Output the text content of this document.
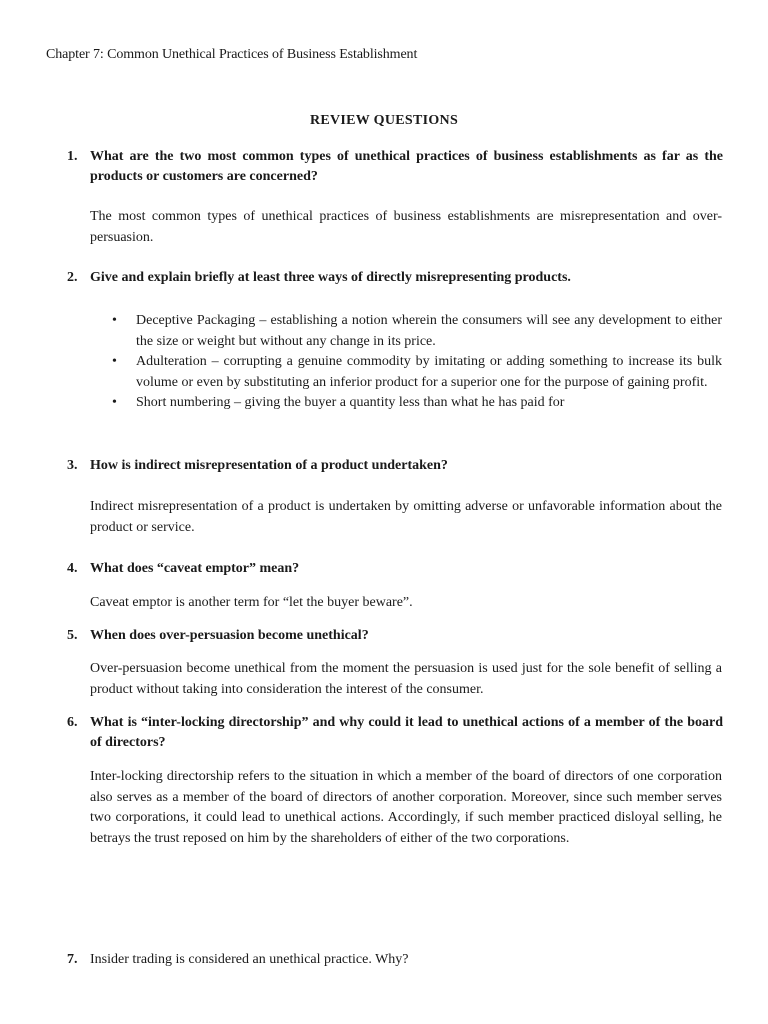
Chapter 7: Common Unethical Practices of Business Establishment
REVIEW QUESTIONS
1. What are the two most common types of unethical practices of business establishments as far as the products or customers are concerned?
The most common types of unethical practices of business establishments are misrepresentation and over-persuasion.
2. Give and explain briefly at least three ways of directly misrepresenting products.
• Deceptive Packaging – establishing a notion wherein the consumers will see any development to either the size or weight but without any change in its price.
• Adulteration – corrupting a genuine commodity by imitating or adding something to increase its bulk volume or even by substituting an inferior product for a superior one for the purpose of gaining profit.
• Short numbering – giving the buyer a quantity less than what he has paid for
3. How is indirect misrepresentation of a product undertaken?
Indirect misrepresentation of a product is undertaken by omitting adverse or unfavorable information about the product or service.
4. What does “caveat emptor” mean?
Caveat emptor is another term for “let the buyer beware”.
5. When does over-persuasion become unethical?
Over-persuasion become unethical from the moment the persuasion is used just for the sole benefit of selling a product without taking into consideration the interest of the consumer.
6. What is “inter-locking directorship” and why could it lead to unethical actions of a member of the board of directors?
Inter-locking directorship refers to the situation in which a member of the board of directors of one corporation also serves as a member of the board of directors of another corporation. Moreover, since such member serves two corporations, it could lead to unethical actions. Accordingly, if such member practiced disloyal selling, he betrays the trust reposed on him by the shareholders of either of the two corporations.
7. Insider trading is considered an unethical practice. Why?
